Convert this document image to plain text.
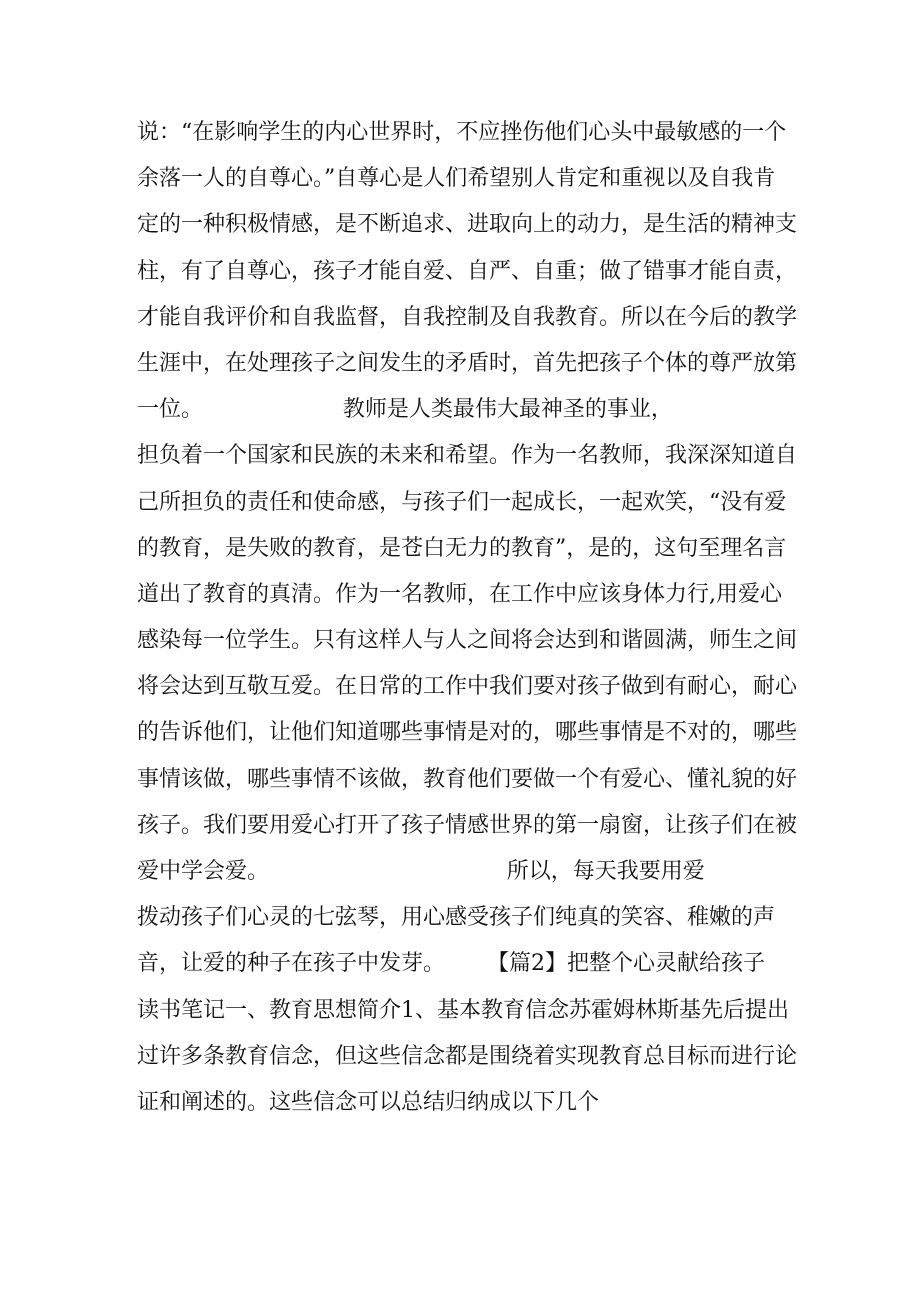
说：“在影响学生的内心世界时，不应挫伤他们心头中最敏感的一个
余落一人的自尊心。”自尊心是人们希望别人肯定和重视以及自我肯
定的一种积极情感，是不断追求、进取向上的动力，是生活的精神支
柱，有了自尊心，孩子才能自爱、自严、自重；做了错事才能自责，
才能自我评价和自我监督，自我控制及自我教育。所以在今后的教学
生涯中，在处理孩子之间发生的矛盾时，首先把孩子个体的尊严放第
一位。                    教师是人类最伟大最神圣的事业，
担负着一个国家和民族的未来和希望。作为一名教师，我深深知道自
己所担负的责任和使命感，与孩子们一起成长，一起欢笑，“没有爱
的教育，是失败的教育，是苍白无力的教育”，是的，这句至理名言
道出了教育的真清。作为一名教师，在工作中应该身体力行,用爱心
感染每一位学生。只有这样人与人之间将会达到和谐圆满，师生之间
将会达到互敬互爱。在日常的工作中我们要对孩子做到有耐心，耐心
的告诉他们，让他们知道哪些事情是对的，哪些事情是不对的，哪些
事情该做，哪些事情不该做，教育他们要做一个有爱心、懂礼貌的好
孩子。我们要用爱心打开了孩子情感世界的第一扇窗，让孩子们在被
爱中学会爱。                                  所以，每天我要用爱
拨动孩子们心灵的七弦琴，用心感受孩子们纯真的笑容、稚嫩的声
音，让爱的种子在孩子中发芽。      【篇2】把整个心灵献给孩子
读书笔记一、教育思想简介1、基本教育信念苏霍姆林斯基先后提出
过许多条教育信念，但这些信念都是围绕着实现教育总目标而进行论
证和阐述的。这些信念可以总结归纳成以下几个
